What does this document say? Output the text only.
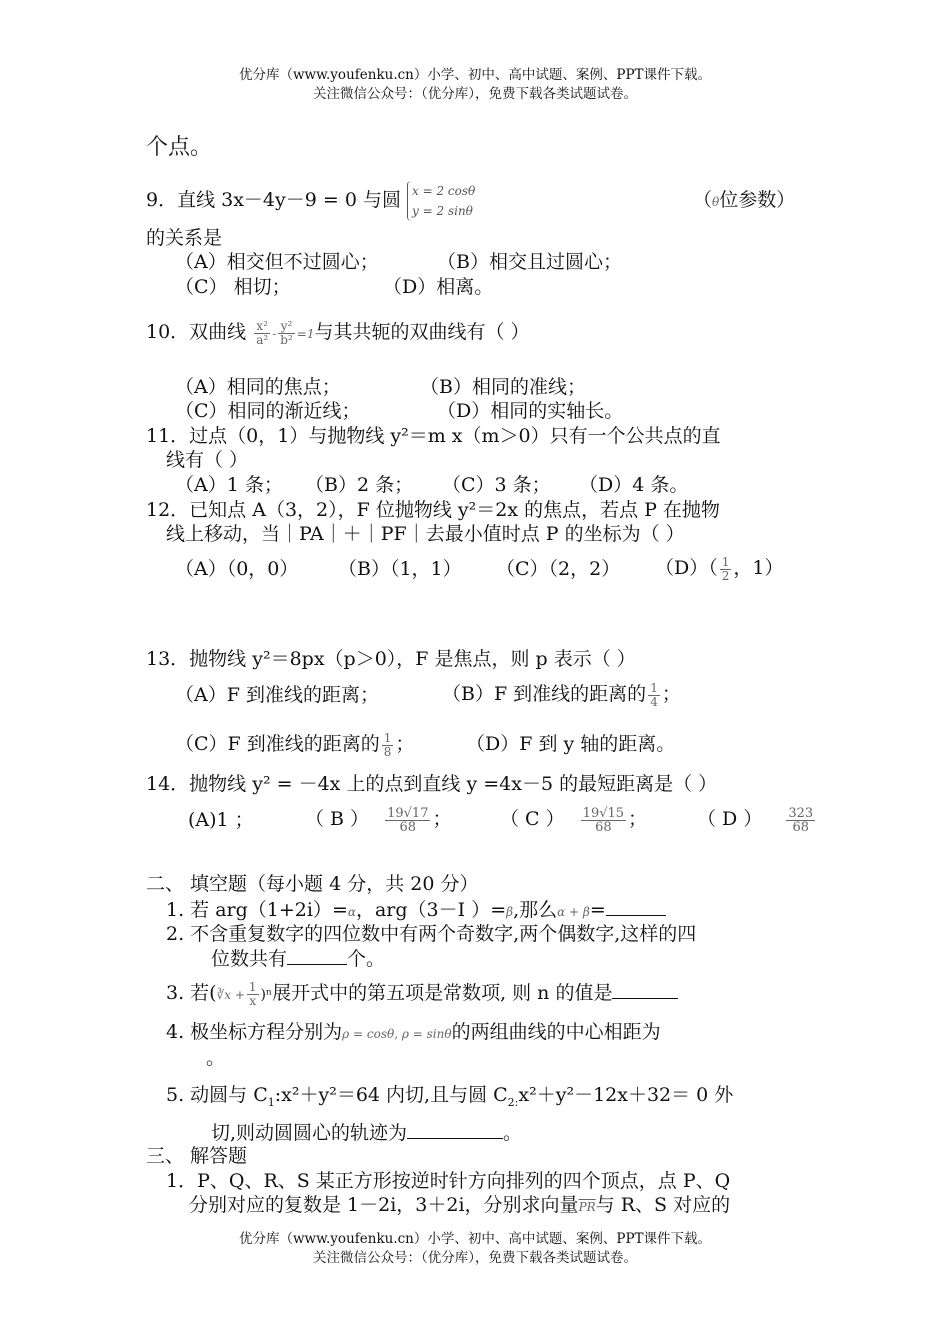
优分库（www.youfenku.cn）小学、初中、高中试题、案例、PPT课件下载。
关注微信公众号：（优分库），免费下载各类试题试卷。
个点。
9．直线 3x－4y－9 = 0 与圆 x = 2 cosθ
y = 2 sinθ	（θ位参数）
的关系是
（A）相交但不过圆心；	（B）相交且过圆心；
（C） 相切；	（D）相离。
10．双曲线 $\frac{\text{x²}}{\text{a²}} - \frac{\text{y²}}{\text{b²}} =1$与其共轭的双曲线有（ ）
（A）相同的焦点；	（B）相同的准线；
（C）相同的渐近线；	（D）相同的实轴长。
11．过点（0，1）与抛物线 y²＝m x（m＞0）只有一个公共点的直
线有（ ）
（A）1 条； （B）2 条； （C）3 条； （D）4 条。
12．已知点 A（3，2），F 位抛物线 y²＝2x 的焦点，若点 P 在抛物
线上移动，当｜PA｜＋｜PF｜去最小值时点 P 的坐标为（ ）
（A）（0，0） （B）（1，1） （C）（2，2） $(D)( \frac{1}{2}$ ，1）
13．抛物线 y²＝8px（p＞0），F 是焦点，则 p 表示（ ）
（A）F 到准线的距离；	（B）F 到准线的距离的 $\frac{1}{4}$ ；
（C）F 到准线的距离的 $\frac{1}{8}$ ；	（D）F 到 y 轴的距离。
14．抛物线 y² = －4x 上的点到直线 y =4x－5 的最短距离是（ ）
(A)1 ；	（ B ） $\frac{19√17}{68}$ ；	（ C ） $\frac{19√15}{68}$ ；	（ D ） $\frac{323}{68}$
二、 填空题（每小题 4 分，共 20 分）
1. 若 arg（1+2i）=α，arg（3－I ）=β,那么α + β=
2. 不含重复数字的四位数中有两个奇数字,两个偶数字,这样的四
位数共有	个。
3. 若(∛x + $\frac{1}{x} )^n$展开式中的第五项是常数项, 则 n 的值是
4. 极坐标方程分别为ρ = cosθ, ρ = sinθ的两组曲线的中心相距为
。
5. 动圆与 $C_1:x^2+y^2=64$ 内切,且与圆 $C_{2:}x^2+y^2-12x+32= 0$ 外
切,则动圆圆心的轨迹为	。
三、 解答题
1．P、Q、R、S 某正方形按逆时针方向排列的四个顶点，点 P、Q
分别对应的复数是 1－2i，3＋2i，分别求向量$\overline{PR}$与 R、S 对应的
优分库（www.youfenku.cn）小学、初中、高中试题、案例、PPT课件下载。
关注微信公众号：（优分库），免费下载各类试题试卷。
